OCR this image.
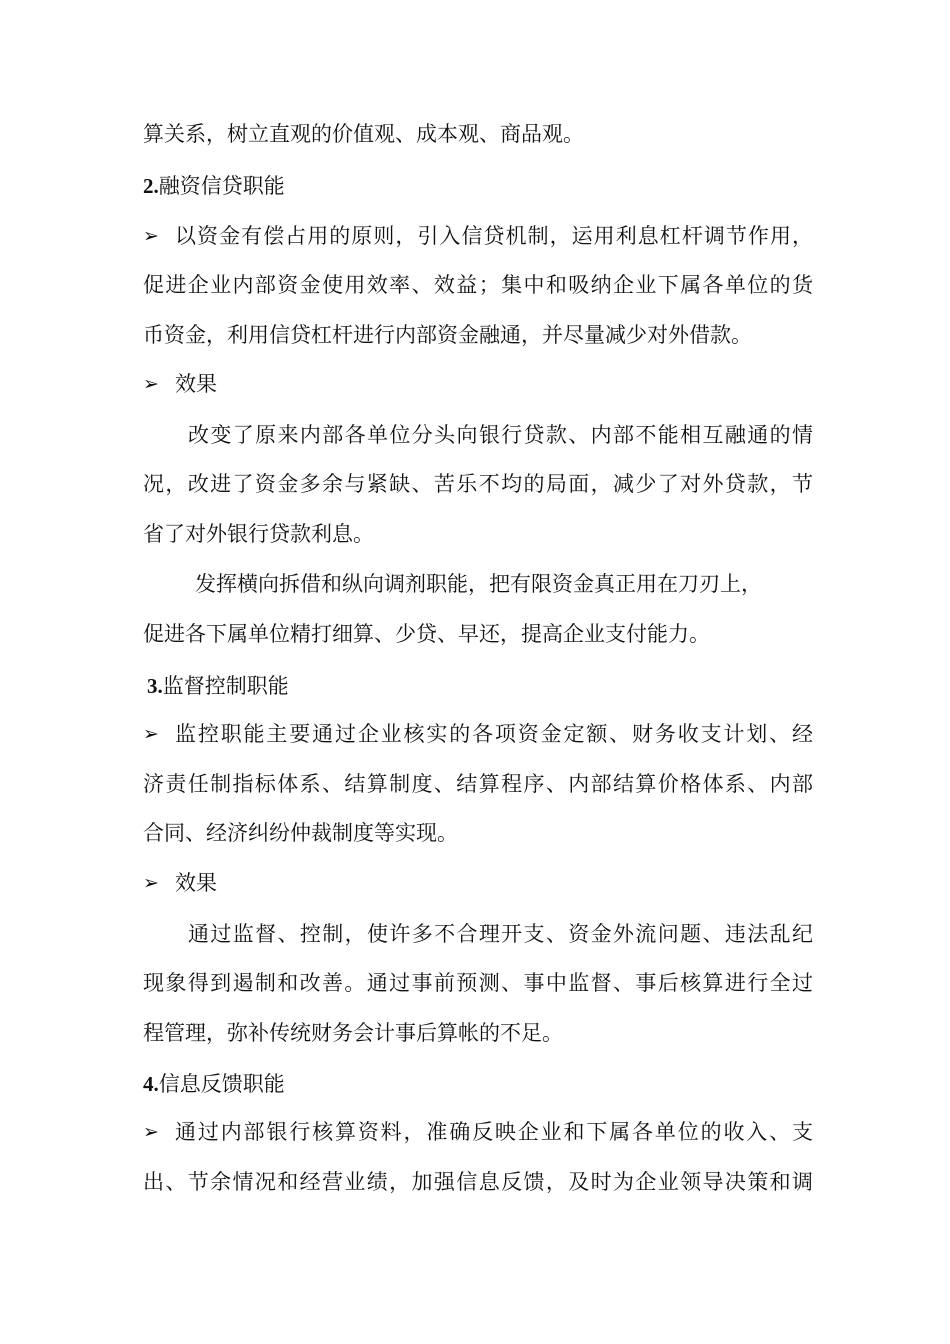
算关系，树立直观的价值观、成本观、商品观。
2.融资信贷职能
➢ 以资金有偿占用的原则，引入信贷机制，运用利息杠杆调节作用，
促进企业内部资金使用效率、效益；集中和吸纳企业下属各单位的货
币资金，利用信贷杠杆进行内部资金融通，并尽量减少对外借款。
➢ 效果
改变了原来内部各单位分头向银行贷款、内部不能相互融通的情
况，改进了资金多余与紧缺、苦乐不均的局面，减少了对外贷款，节
省了对外银行贷款利息。
发挥横向拆借和纵向调剂职能，把有限资金真正用在刀刃上，
促进各下属单位精打细算、少贷、早还，提高企业支付能力。
3.监督控制职能
➢ 监控职能主要通过企业核实的各项资金定额、财务收支计划、经
济责任制指标体系、结算制度、结算程序、内部结算价格体系、内部
合同、经济纠纷仲裁制度等实现。
➢ 效果
通过监督、控制，使许多不合理开支、资金外流问题、违法乱纪
现象得到遏制和改善。通过事前预测、事中监督、事后核算进行全过
程管理，弥补传统财务会计事后算帐的不足。
4.信息反馈职能
➢ 通过内部银行核算资料，准确反映企业和下属各单位的收入、支
出、节余情况和经营业绩，加强信息反馈，及时为企业领导决策和调
